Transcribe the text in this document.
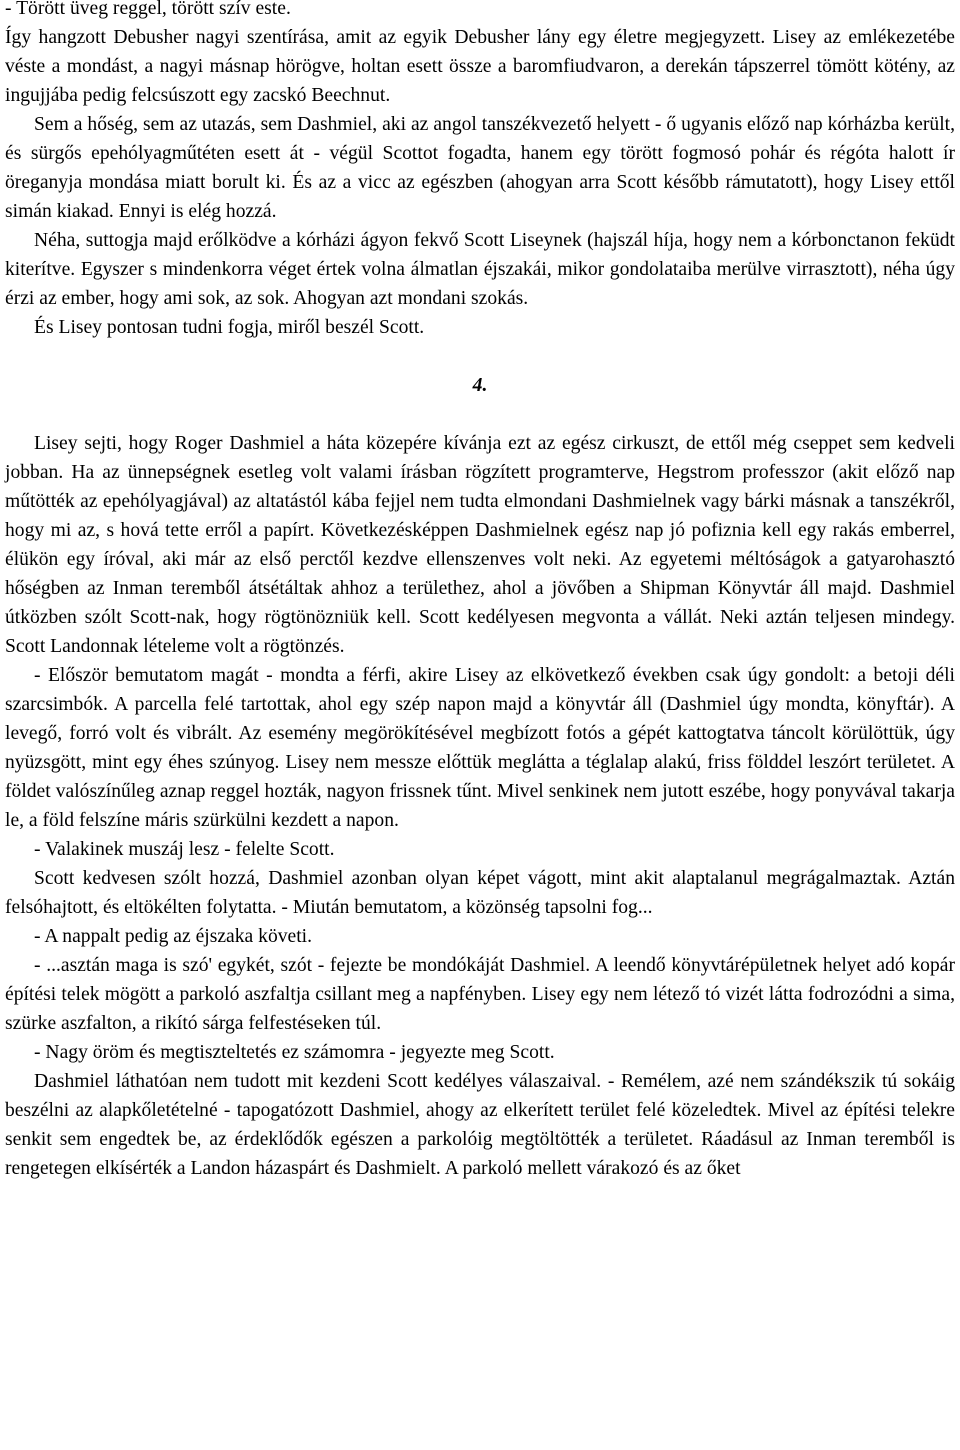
- Törött üveg reggel, törött szív este.

Így hangzott Debusher nagyi szentírása, amit az egyik Debusher lány egy életre megjegyzett. Lisey az emlékezetébe véste a mondást, a nagyi másnap hörögve, holtan esett össze a baromfiudvaron, a derekán tápszerrel tömött kötény, az ingujjába pedig felcsúszott egy zacskó Beechnut.

Sem a hőség, sem az utazás, sem Dashmiel, aki az angol tanszékvezető helyett - ő ugyanis előző nap kórházba került, és sürgős epehólyagműtéten esett át - végül Scottot fogadta, hanem egy törött fogmosó pohár és régóta halott ír öreganyja mondása miatt borult ki. És az a vicc az egészben (ahogyan arra Scott később rámutatott), hogy Lisey ettől simán kiakad. Ennyi is elég hozzá.

Néha, suttogja majd erőlködve a kórházi ágyon fekvő Scott Liseynek (hajszál híja, hogy nem a kórbonctanon feküdt kiterítve. Egyszer s mindenkorra véget értek volna álmatlan éjszakái, mikor gondolataiba merülve virrasztott), néha úgy érzi az ember, hogy ami sok, az sok. Ahogyan azt mondani szokás.

És Lisey pontosan tudni fogja, miről beszél Scott.

4.

Lisey sejti, hogy Roger Dashmiel a háta közepére kívánja ezt az egész cirkuszt, de ettől még cseppet sem kedveli jobban. Ha az ünnepségnek esetleg volt valami írásban rögzített programterve, Hegstrom professzor (akit előző nap műtötték az epehólyagjával) az altatástól kába fejjel nem tudta elmondani Dashmielnek vagy bárki másnak a tanszékről, hogy mi az, s hová tette erről a papírt. Következésképpen Dashmielnek egész nap jó pofiznia kell egy rakás emberrel, élükön egy íróval, aki már az első perctől kezdve ellenszenves volt neki. Az egyetemi méltóságok a gatyarohasztó hőségben az Inman teremből átsétáltak ahhoz a területhez, ahol a jövőben a Shipman Könyvtár áll majd. Dashmiel útközben szólt Scott-nak, hogy rögtönözniük kell. Scott kedélyesen megvonta a vállát. Neki aztán teljesen mindegy. Scott Landonnak lételeme volt a rögtönzés.

- Először bemutatom magát - mondta a férfi, akire Lisey az elkövetkező években csak úgy gondolt: a betoji déli szarcsimbók. A parcella felé tartottak, ahol egy szép napon majd a könyvtár áll (Dashmiel úgy mondta, könyftár). A levegő, forró volt és vibrált. Az esemény megörökítésével megbízott fotós a gépét kattogtatva táncolt körülöttük, úgy nyüzsgött, mint egy éhes szúnyog. Lisey nem messze előttük meglátta a téglalap alakú, friss földdel leszórt területet. A földet valószínűleg aznap reggel hozták, nagyon frissnek tűnt. Mivel senkinek nem jutott eszébe, hogy ponyvával takarja le, a föld felszíne máris szürkülni kezdett a napon.

- Valakinek muszáj lesz - felelte Scott.

Scott kedvesen szólt hozzá, Dashmiel azonban olyan képet vágott, mint akit alaptalanul megrágalmaztak. Aztán felsóhajtott, és eltökélten folytatta. - Miután bemutatom, a közönség tapsolni fog...

- A nappalt pedig az éjszaka követi.

- ...asztán maga is szó' egykét, szót - fejezte be mondókáját Dashmiel. A leendő könyvtárépületnek helyet adó kopár építési telek mögött a parkoló aszfaltja csillant meg a napfényben. Lisey egy nem létező tó vizét látta fodrozódni a sima, szürke aszfalton, a rikító sárga felfestéseken túl.

- Nagy öröm és megtiszteltetés ez számomra - jegyezte meg Scott.

Dashmiel láthatóan nem tudott mit kezdeni Scott kedélyes válaszaival. - Remélem, azé nem szándékszik tú sokáig beszélni az alapkőletételné - tapogatózott Dashmiel, ahogy az elkerített terület felé közeledtek. Mivel az építési telekre senkit sem engedtek be, az érdeklődők egészen a parkolóig megtöltötték a területet. Ráadásul az Inman teremből is rengetegen elkísérték a Landon házaspárt és Dashmielt. A parkoló mellett várakozó és az őket
